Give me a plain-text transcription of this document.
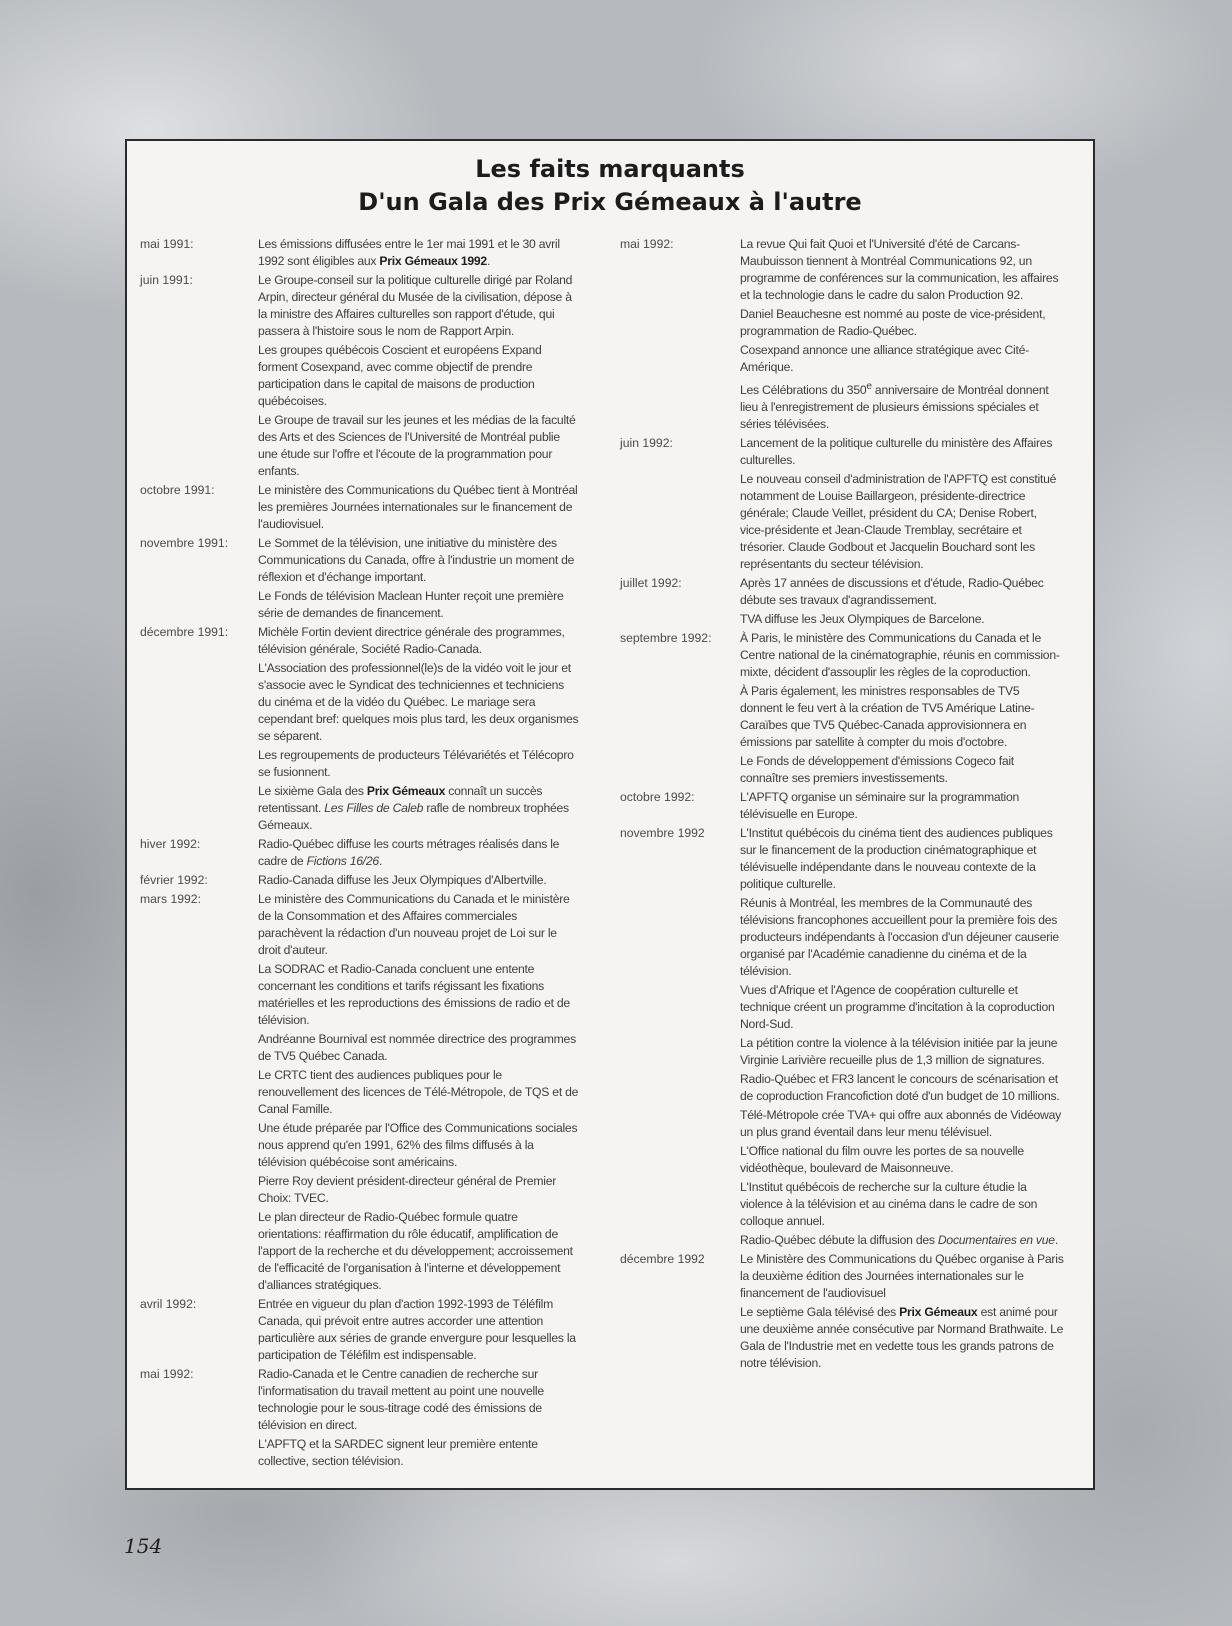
Les faits marquants
D'un Gala des Prix Gémeaux à l'autre
mai 1991:	Les émissions diffusées entre le 1er mai 1991 et le 30 avril 1992 sont éligibles aux Prix Gémeaux 1992.
juin 1991:	Le Groupe-conseil sur la politique culturelle dirigé par Roland Arpin, directeur général du Musée de la civilisation, dépose à la ministre des Affaires culturelles son rapport d'étude, qui passera à l'histoire sous le nom de Rapport Arpin.
Les groupes québécois Coscient et européens Expand forment Cosexpand, avec comme objectif de prendre participation dans le capital de maisons de production québécoises.
Le Groupe de travail sur les jeunes et les médias de la faculté des Arts et des Sciences de l'Université de Montréal publie une étude sur l'offre et l'écoute de la programmation pour enfants.
octobre 1991:	Le ministère des Communications du Québec tient à Montréal les premières Journées internationales sur le financement de l'audiovisuel.
novembre 1991: Le Sommet de la télévision, une initiative du ministère des Communications du Canada, offre à l'industrie un moment de réflexion et d'échange important.
Le Fonds de télévision Maclean Hunter reçoit une première série de demandes de financement.
décembre 1991: Michèle Fortin devient directrice générale des programmes, télévision générale, Société Radio-Canada.
L'Association des professionnel(le)s de la vidéo voit le jour et s'associe avec le Syndicat des techniciennes et techniciens du cinéma et de la vidéo du Québec. Le mariage sera cependant bref: quelques mois plus tard, les deux organismes se séparent.
Les regroupements de producteurs Télévariétés et Télécopro se fusionnent.
Le sixième Gala des Prix Gémeaux connaît un succès retentissant. Les Filles de Caleb rafle de nombreux trophées Gémeaux.
hiver 1992:	Radio-Québec diffuse les courts métrages réalisés dans le cadre de Fictions 16/26.
février 1992:	Radio-Canada diffuse les Jeux Olympiques d'Albertville.
mars 1992:	Le ministère des Communications du Canada et le ministère de la Consommation et des Affaires commerciales parachèvent la rédaction d'un nouveau projet de Loi sur le droit d'auteur.
La SODRAC et Radio-Canada concluent une entente concernant les conditions et tarifs régissant les fixations matérielles et les reproductions des émissions de radio et de télévision.
Andréanne Bournival est nommée directrice des programmes de TV5 Québec Canada.
Le CRTC tient des audiences publiques pour le renouvellement des licences de Télé-Métropole, de TQS et de Canal Famille.
Une étude préparée par l'Office des Communications sociales nous apprend qu'en 1991, 62% des films diffusés à la télévision québécoise sont américains.
Pierre Roy devient président-directeur général de Premier Choix: TVEC.
Le plan directeur de Radio-Québec formule quatre orientations: réaffirmation du rôle éducatif, amplification de l'apport de la recherche et du développement; accroissement de l'efficacité de l'organisation à l'interne et développement d'alliances stratégiques.
avril 1992:	Entrée en vigueur du plan d'action 1992-1993 de Téléfilm Canada, qui prévoit entre autres accorder une attention particulière aux séries de grande envergure pour lesquelles la participation de Téléfilm est indispensable.
mai 1992:	Radio-Canada et le Centre canadien de recherche sur l'informatisation du travail mettent au point une nouvelle technologie pour le sous-titrage codé des émissions de télévision en direct.
L'APFTQ et la SARDEC signent leur première entente collective, section télévision.
mai 1992:	La revue Qui fait Quoi et l'Université d'été de Carcans-Maubuisson tiennent à Montréal Communications 92, un programme de conférences sur la communication, les affaires et la technologie dans le cadre du salon Production 92.
Daniel Beauchesne est nommé au poste de vice-président, programmation de Radio-Québec.
Cosexpand annonce une alliance stratégique avec Cité-Amérique.
Les Célébrations du 350e anniversaire de Montréal donnent lieu à l'enregistrement de plusieurs émissions spéciales et séries télévisées.
juin 1992:	Lancement de la politique culturelle du ministère des Affaires culturelles.
Le nouveau conseil d'administration de l'APFTQ est constitué notamment de Louise Baillargeon, présidente-directrice générale; Claude Veillet, président du CA; Denise Robert, vice-présidente et Jean-Claude Tremblay, secrétaire et trésorier. Claude Godbout et Jacquelin Bouchard sont les représentants du secteur télévision.
juillet 1992:	Après 17 années de discussions et d'étude, Radio-Québec débute ses travaux d'agrandissement.
TVA diffuse les Jeux Olympiques de Barcelone.
septembre 1992: À Paris, le ministère des Communications du Canada et le Centre national de la cinématographie, réunis en commission-mixte, décident d'assouplir les règles de la coproduction.
À Paris également, les ministres responsables de TV5 donnent le feu vert à la création de TV5 Amérique Latine-Caraïbes que TV5 Québec-Canada approvisionnera en émissions par satellite à compter du mois d'octobre.
Le Fonds de développement d'émissions Cogeco fait connaître ses premiers investissements.
octobre 1992:	L'APFTQ organise un séminaire sur la programmation télévisuelle en Europe.
novembre 1992	L'Institut québécois du cinéma tient des audiences publiques sur le financement de la production cinématographique et télévisuelle indépendante dans le nouveau contexte de la politique culturelle.
Réunis à Montréal, les membres de la Communauté des télévisions francophones accueillent pour la première fois des producteurs indépendants à l'occasion d'un déjeuner causerie organisé par l'Académie canadienne du cinéma et de la télévision.
Vues d'Afrique et l'Agence de coopération culturelle et technique créent un programme d'incitation à la coproduction Nord-Sud.
La pétition contre la violence à la télévision initiée par la jeune Virginie Larivière recueille plus de 1,3 million de signatures.
Radio-Québec et FR3 lancent le concours de scénarisation et de coproduction Francofiction doté d'un budget de 10 millions.
Télé-Métropole crée TVA+ qui offre aux abonnés de Vidéoway un plus grand éventail dans leur menu télévisuel.
L'Office national du film ouvre les portes de sa nouvelle vidéothèque, boulevard de Maisonneuve.
L'Institut québécois de recherche sur la culture étudie la violence à la télévision et au cinéma dans le cadre de son colloque annuel.
Radio-Québec débute la diffusion des Documentaires en vue.
décembre 1992	Le Ministère des Communications du Québec organise à Paris la deuxième édition des Journées internationales sur le financement de l'audiovisuel
Le septième Gala télévisé des Prix Gémeaux est animé pour une deuxième année consécutive par Normand Brathwaite. Le Gala de l'Industrie met en vedette tous les grands patrons de notre télévision.
154
